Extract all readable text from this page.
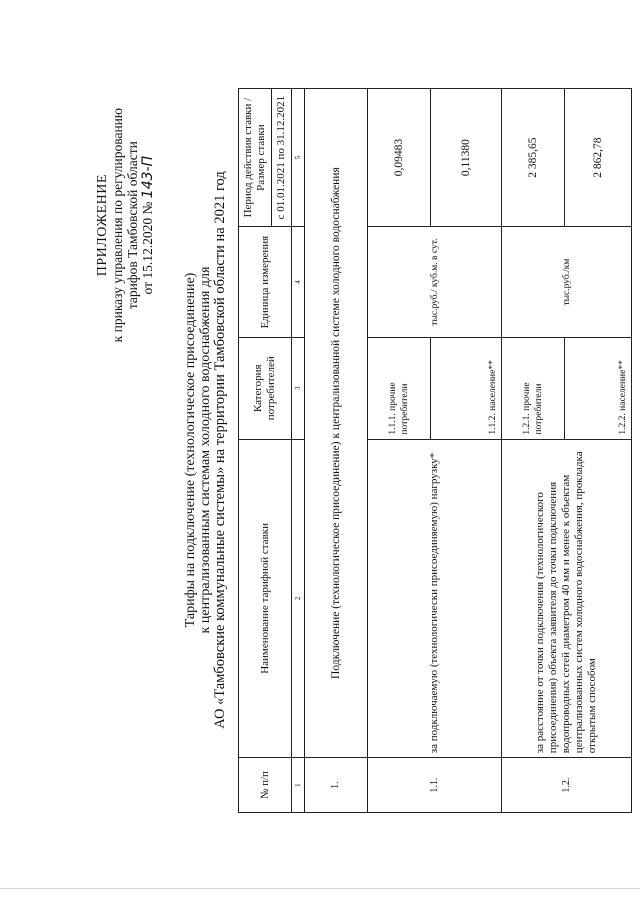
ПРИЛОЖЕНИЕ к приказу управления по регулированию тарифов Тамбовской области от 15.12.2020 № 143-П
Тарифы на подключение (технологическое присоединение) к централизованным системам холодного водоснабжения для АО «Тамбовские коммунальные системы» на территории Тамбовской области на 2021 год
№ п/п	Наименование тарифной ставки	Категория потребителей	Единица измерения	Период действия ставки /Размер ставки с 01.01.2021 по 31.12.2021

1	2	3	4	5
1.	Подключение (технологическое присоединение) к централизованной системе холодного водоснабжения			
1.1.	за подключаемую (технологически присоединяемую) нагрузку*	1.1.1. прочие потребители	тыс.руб./ куб.м. в сут.	0,09483
		1.1.2. население**		0,11380
1.2.	за расстояние от точки подключения (технологического присоединения) объекта заявителя до точки подключения водопроводных сетей диаметром 40 мм и менее к объектам централизованных систем холодного водоснабжения, прокладка открытым способом	1.2.1. прочие потребители	тыс.руб./км	2 385,65
		1.2.2. население**		2 862,78
